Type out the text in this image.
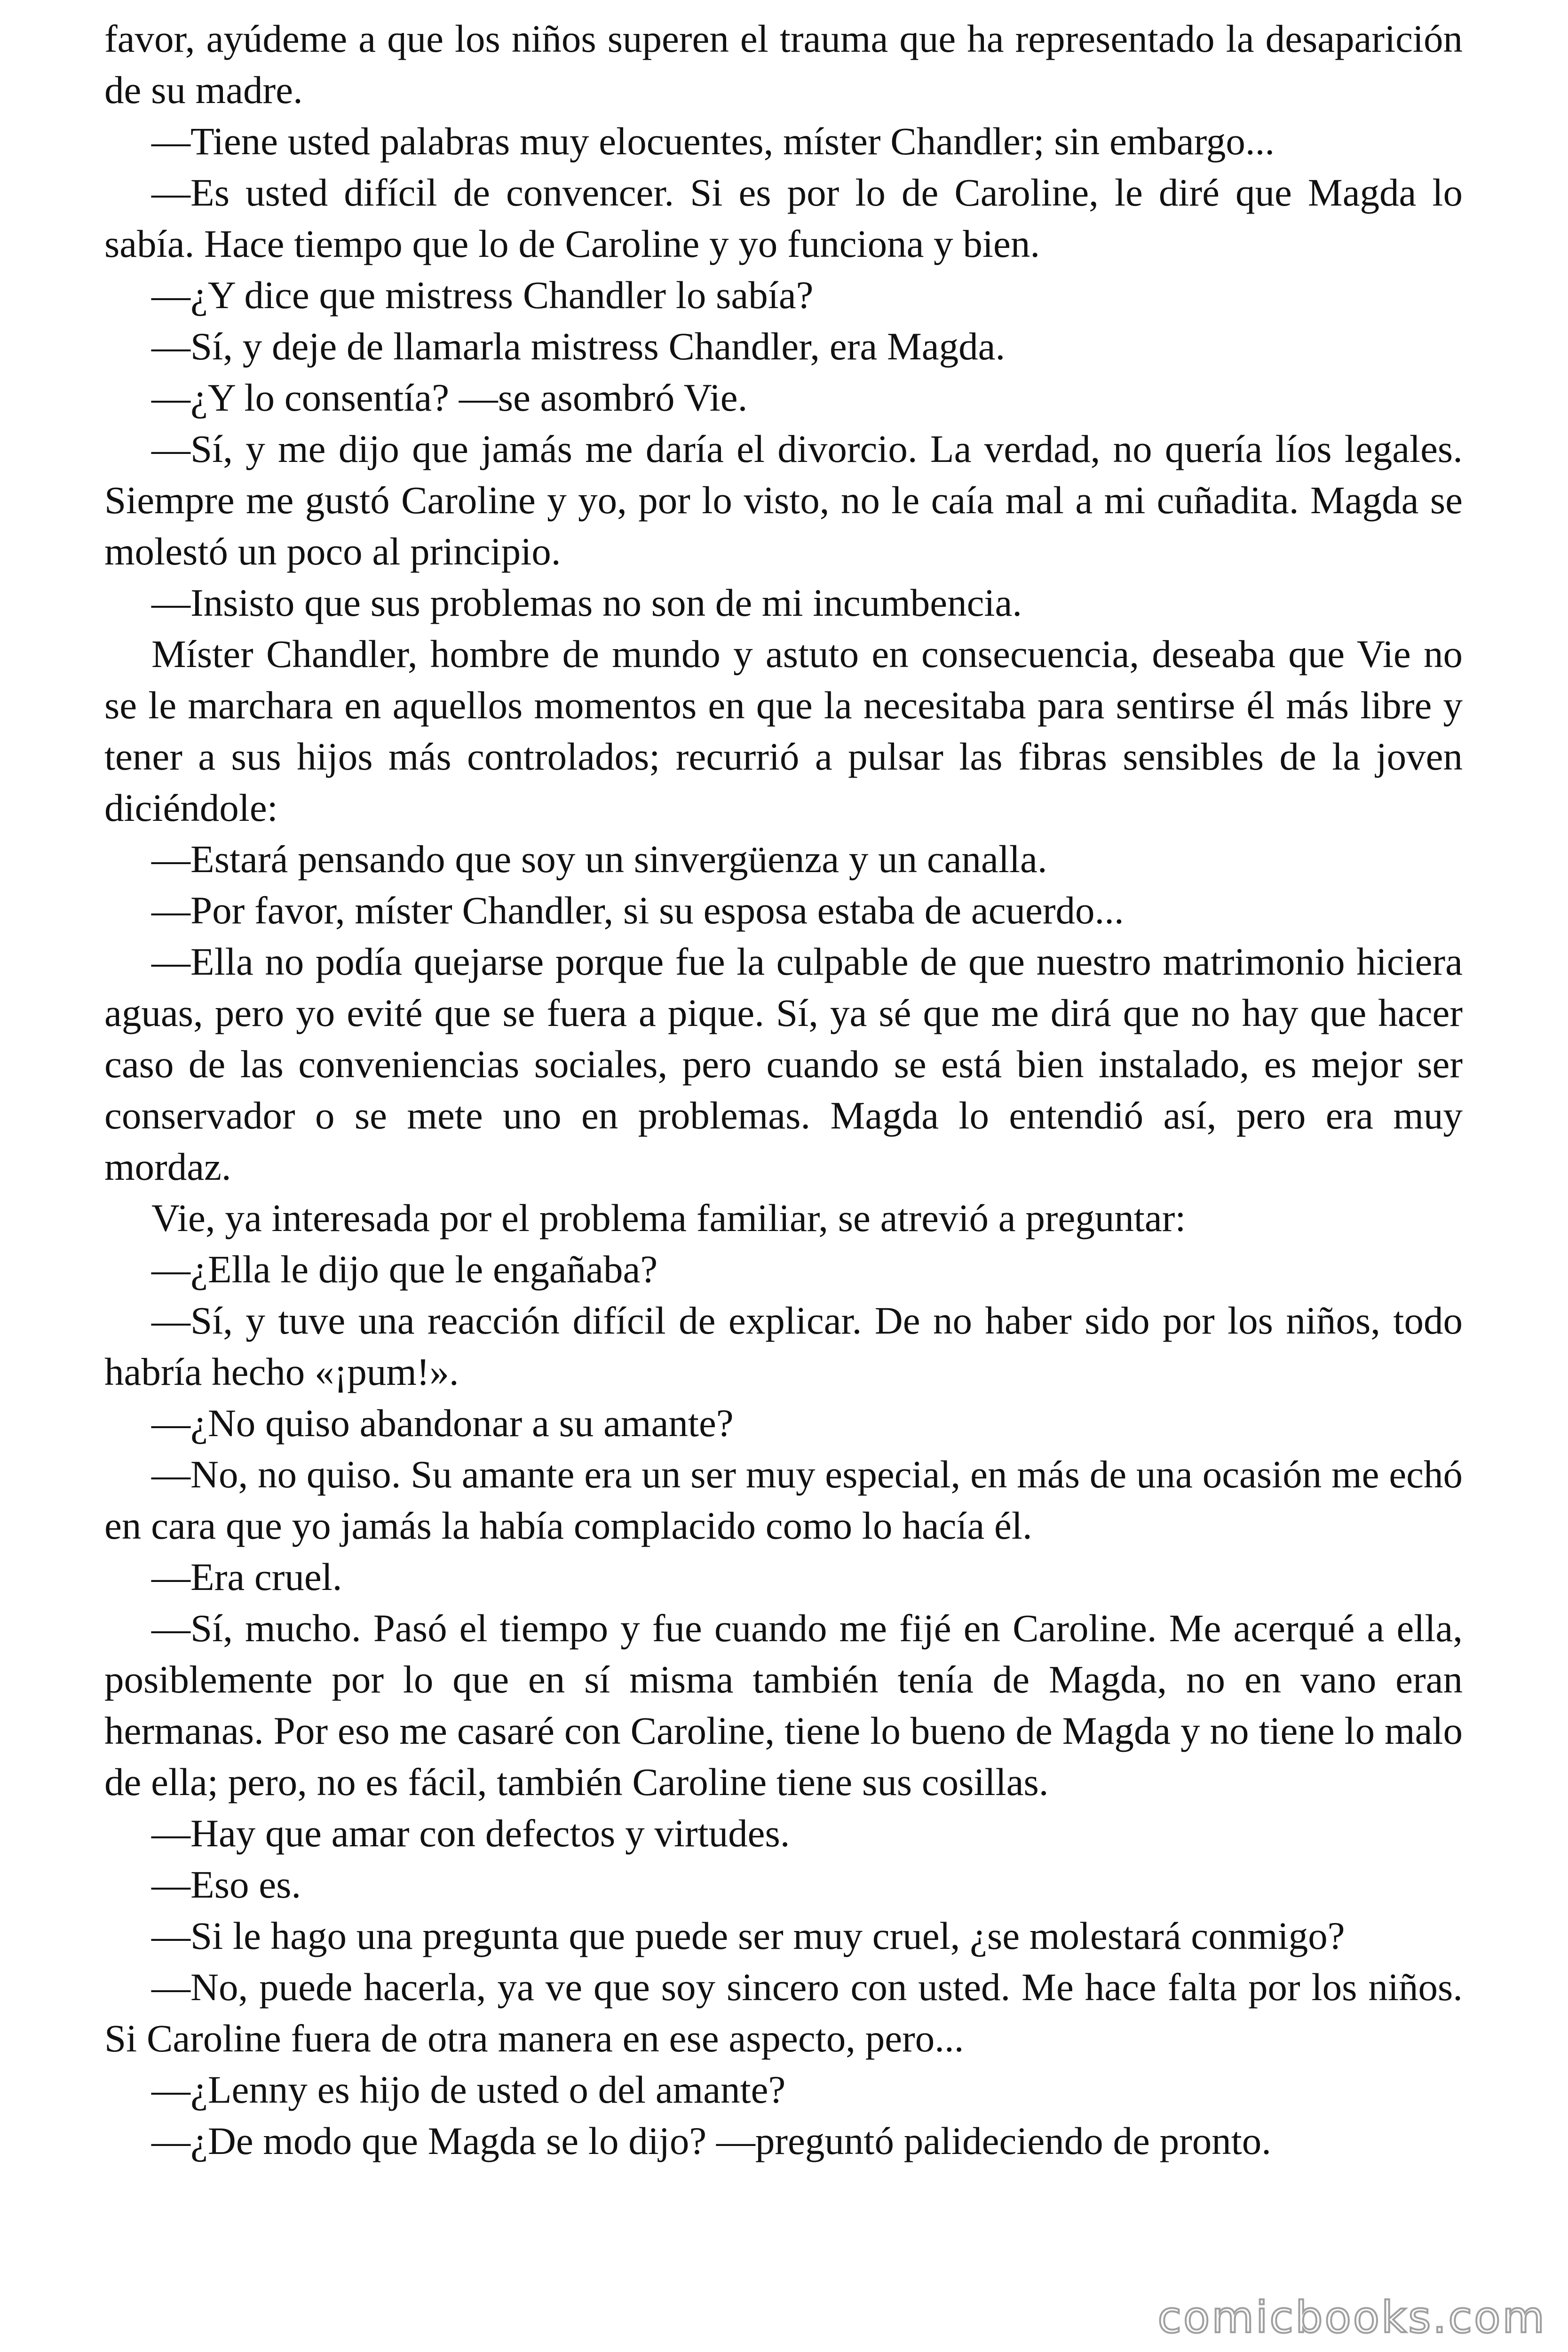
favor, ayúdeme a que los niños superen el trauma que ha representado la desaparición de su madre.

—Tiene usted palabras muy elocuentes, míster Chandler; sin embargo...

—Es usted difícil de convencer. Si es por lo de Caroline, le diré que Magda lo sabía. Hace tiempo que lo de Caroline y yo funciona y bien.

—¿Y dice que mistress Chandler lo sabía?

—Sí, y deje de llamarla mistress Chandler, era Magda.

—¿Y lo consentía? —se asombró Vie.

—Sí, y me dijo que jamás me daría el divorcio. La verdad, no quería líos legales. Siempre me gustó Caroline y yo, por lo visto, no le caía mal a mi cuñadita. Magda se molestó un poco al principio.

—Insisto que sus problemas no son de mi incumbencia.

Míster Chandler, hombre de mundo y astuto en consecuencia, deseaba que Vie no se le marchara en aquellos momentos en que la necesitaba para sentirse él más libre y tener a sus hijos más controlados; recurrió a pulsar las fibras sensibles de la joven diciéndole:

—Estará pensando que soy un sinvergüenza y un canalla.

—Por favor, míster Chandler, si su esposa estaba de acuerdo...

—Ella no podía quejarse porque fue la culpable de que nuestro matrimonio hiciera aguas, pero yo evité que se fuera a pique. Sí, ya sé que me dirá que no hay que hacer caso de las conveniencias sociales, pero cuando se está bien instalado, es mejor ser conservador o se mete uno en problemas. Magda lo entendió así, pero era muy mordaz.

Vie, ya interesada por el problema familiar, se atrevió a preguntar:

—¿Ella le dijo que le engañaba?

—Sí, y tuve una reacción difícil de explicar. De no haber sido por los niños, todo habría hecho «¡pum!».

—¿No quiso abandonar a su amante?

—No, no quiso. Su amante era un ser muy especial, en más de una ocasión me echó en cara que yo jamás la había complacido como lo hacía él.

—Era cruel.

—Sí, mucho. Pasó el tiempo y fue cuando me fijé en Caroline. Me acerqué a ella, posiblemente por lo que en sí misma también tenía de Magda, no en vano eran hermanas. Por eso me casaré con Caroline, tiene lo bueno de Magda y no tiene lo malo de ella; pero, no es fácil, también Caroline tiene sus cosillas.

—Hay que amar con defectos y virtudes.

—Eso es.

—Si le hago una pregunta que puede ser muy cruel, ¿se molestará conmigo?

—No, puede hacerla, ya ve que soy sincero con usted. Me hace falta por los niños. Si Caroline fuera de otra manera en ese aspecto, pero...

—¿Lenny es hijo de usted o del amante?

—¿De modo que Magda se lo dijo? —preguntó palideciendo de pronto.

comicbooks.com
